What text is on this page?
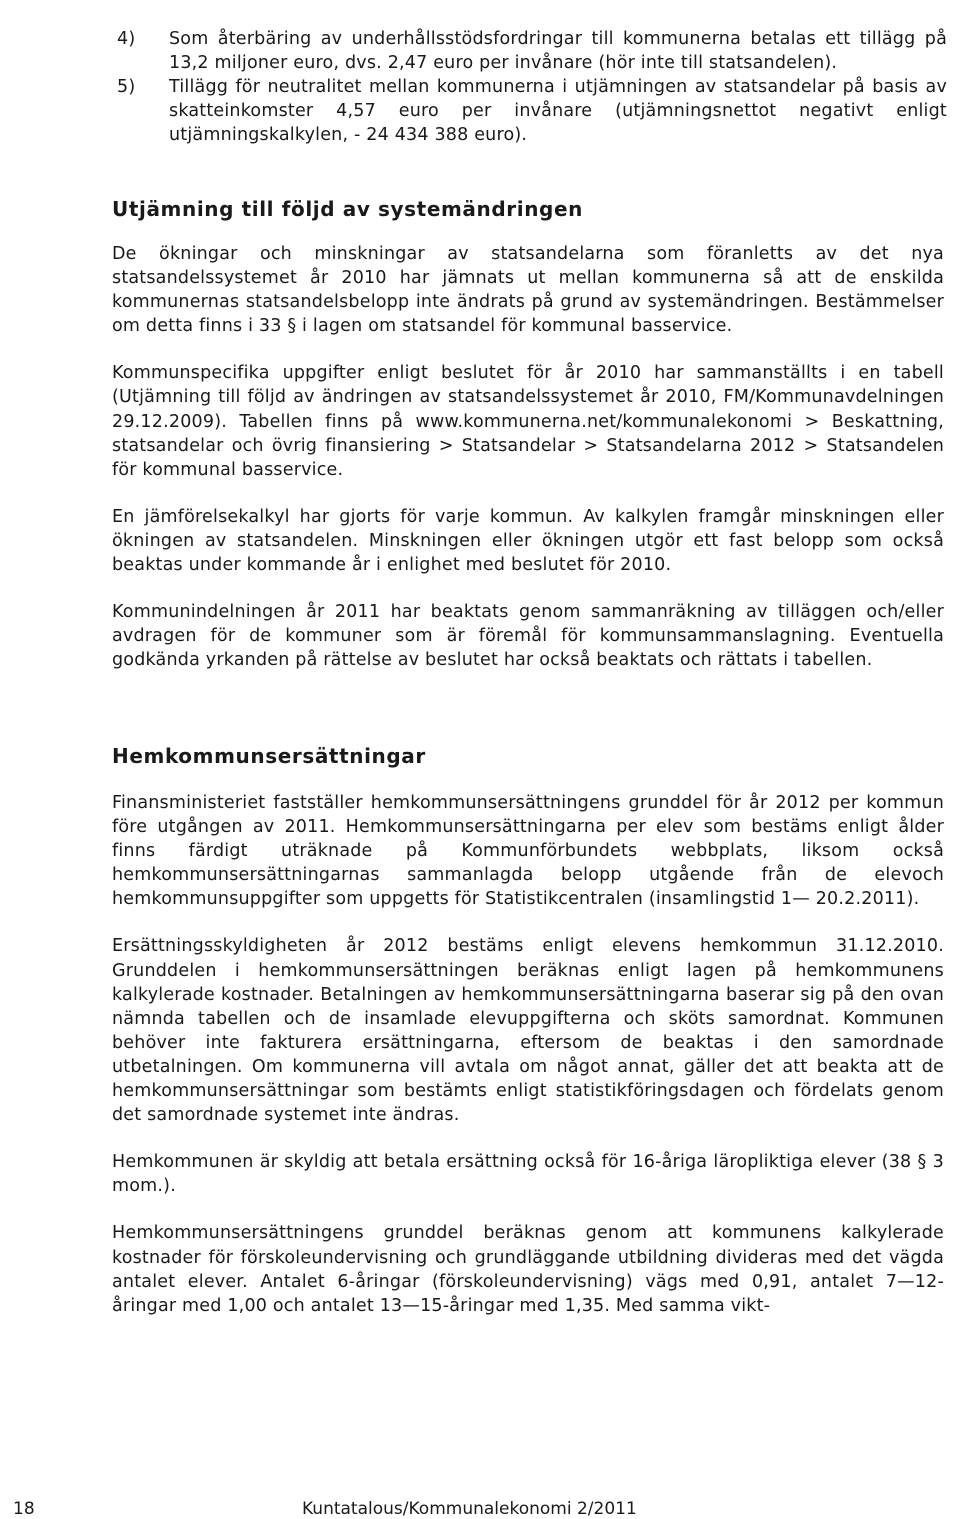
4) Som återbäring av underhållsstödsfordringar till kommunerna betalas ett tillägg på 13,2 miljoner euro, dvs. 2,47 euro per invånare (hör inte till statsandelen).
5) Tillägg för neutralitet mellan kommunerna i utjämningen av statsandelar på basis av skatteinkomster 4,57 euro per invånare (utjämningsnettot negativt enligt utjämningskalkylen, - 24 434 388 euro).
Utjämning till följd av systemändringen

De ökningar och minskningar av statsandelarna som föranletts av det nya statsandelssystemet år 2010 har jämnats ut mellan kommunerna så att de enskilda kommunernas statsandelsbelopp inte ändrats på grund av systemändringen. Bestämmelser om detta finns i 33 § i lagen om statsandel för kommunal basservice.

Kommunspecifika uppgifter enligt beslutet för år 2010 har sammanställts i en tabell (Utjämning till följd av ändringen av statsandelssystemet år 2010, FM/Kommunavdelningen 29.12.2009). Tabellen finns på www.kommunerna.net/kommunalekonomi > Beskattning, statsandelar och övrig finansiering > Statsandelar > Statsandelarna 2012 > Statsandelen för kommunal basservice.

En jämförelsekalkyl har gjorts för varje kommun. Av kalkylen framgår minskningen eller ökningen av statsandelen. Minskningen eller ökningen utgör ett fast belopp som också beaktas under kommande år i enlighet med beslutet för 2010.

Kommunindelningen år 2011 har beaktats genom sammanräkning av tilläggen och/eller avdragen för de kommuner som är föremål för kommunsammanslagning. Eventuella godkända yrkanden på rättelse av beslutet har också beaktats och rättats i tabellen.

Hemkommunsersättningar

Finansministeriet fastställer hemkommunsersättningens grunddel för år 2012 per kommun före utgången av 2011. Hemkommunsersättningarna per elev som bestäms enligt ålder finns färdigt uträknade på Kommunförbundets webbplats, liksom också hemkommunsersättningarnas sammanlagda belopp utgående från de elevoch hemkommunsuppgifter som uppgetts för Statistikcentralen (insamlingstid 1— 20.2.2011).

Ersättningsskyldigheten år 2012 bestäms enligt elevens hemkommun 31.12.2010. Grunddelen i hemkommunsersättningen beräknas enligt lagen på hemkommunens kalkylerade kostnader. Betalningen av hemkommunsersättningarna baserar sig på den ovan nämnda tabellen och de insamlade elevuppgifterna och sköts samordnat. Kommunen behöver inte fakturera ersättningarna, eftersom de beaktas i den samordnade utbetalningen. Om kommunerna vill avtala om något annat, gäller det att beakta att de hemkommunsersättningar som bestämts enligt statistikföringsdagen och fördelats genom det samordnade systemet inte ändras.

Hemkommunen är skyldig att betala ersättning också för 16-åriga läropliktiga elever (38 § 3 mom.).

Hemkommunsersättningens grunddel beräknas genom att kommunens kalkylerade kostnader för förskoleundervisning och grundläggande utbildning divideras med det vägda antalet elever. Antalet 6-åringar (förskoleundervisning) vägs med 0,91, antalet 7—12-åringar med 1,00 och antalet 13—15-åringar med 1,35. Med samma vikt-

18	Kuntatalous/Kommunalekonomi 2/2011
